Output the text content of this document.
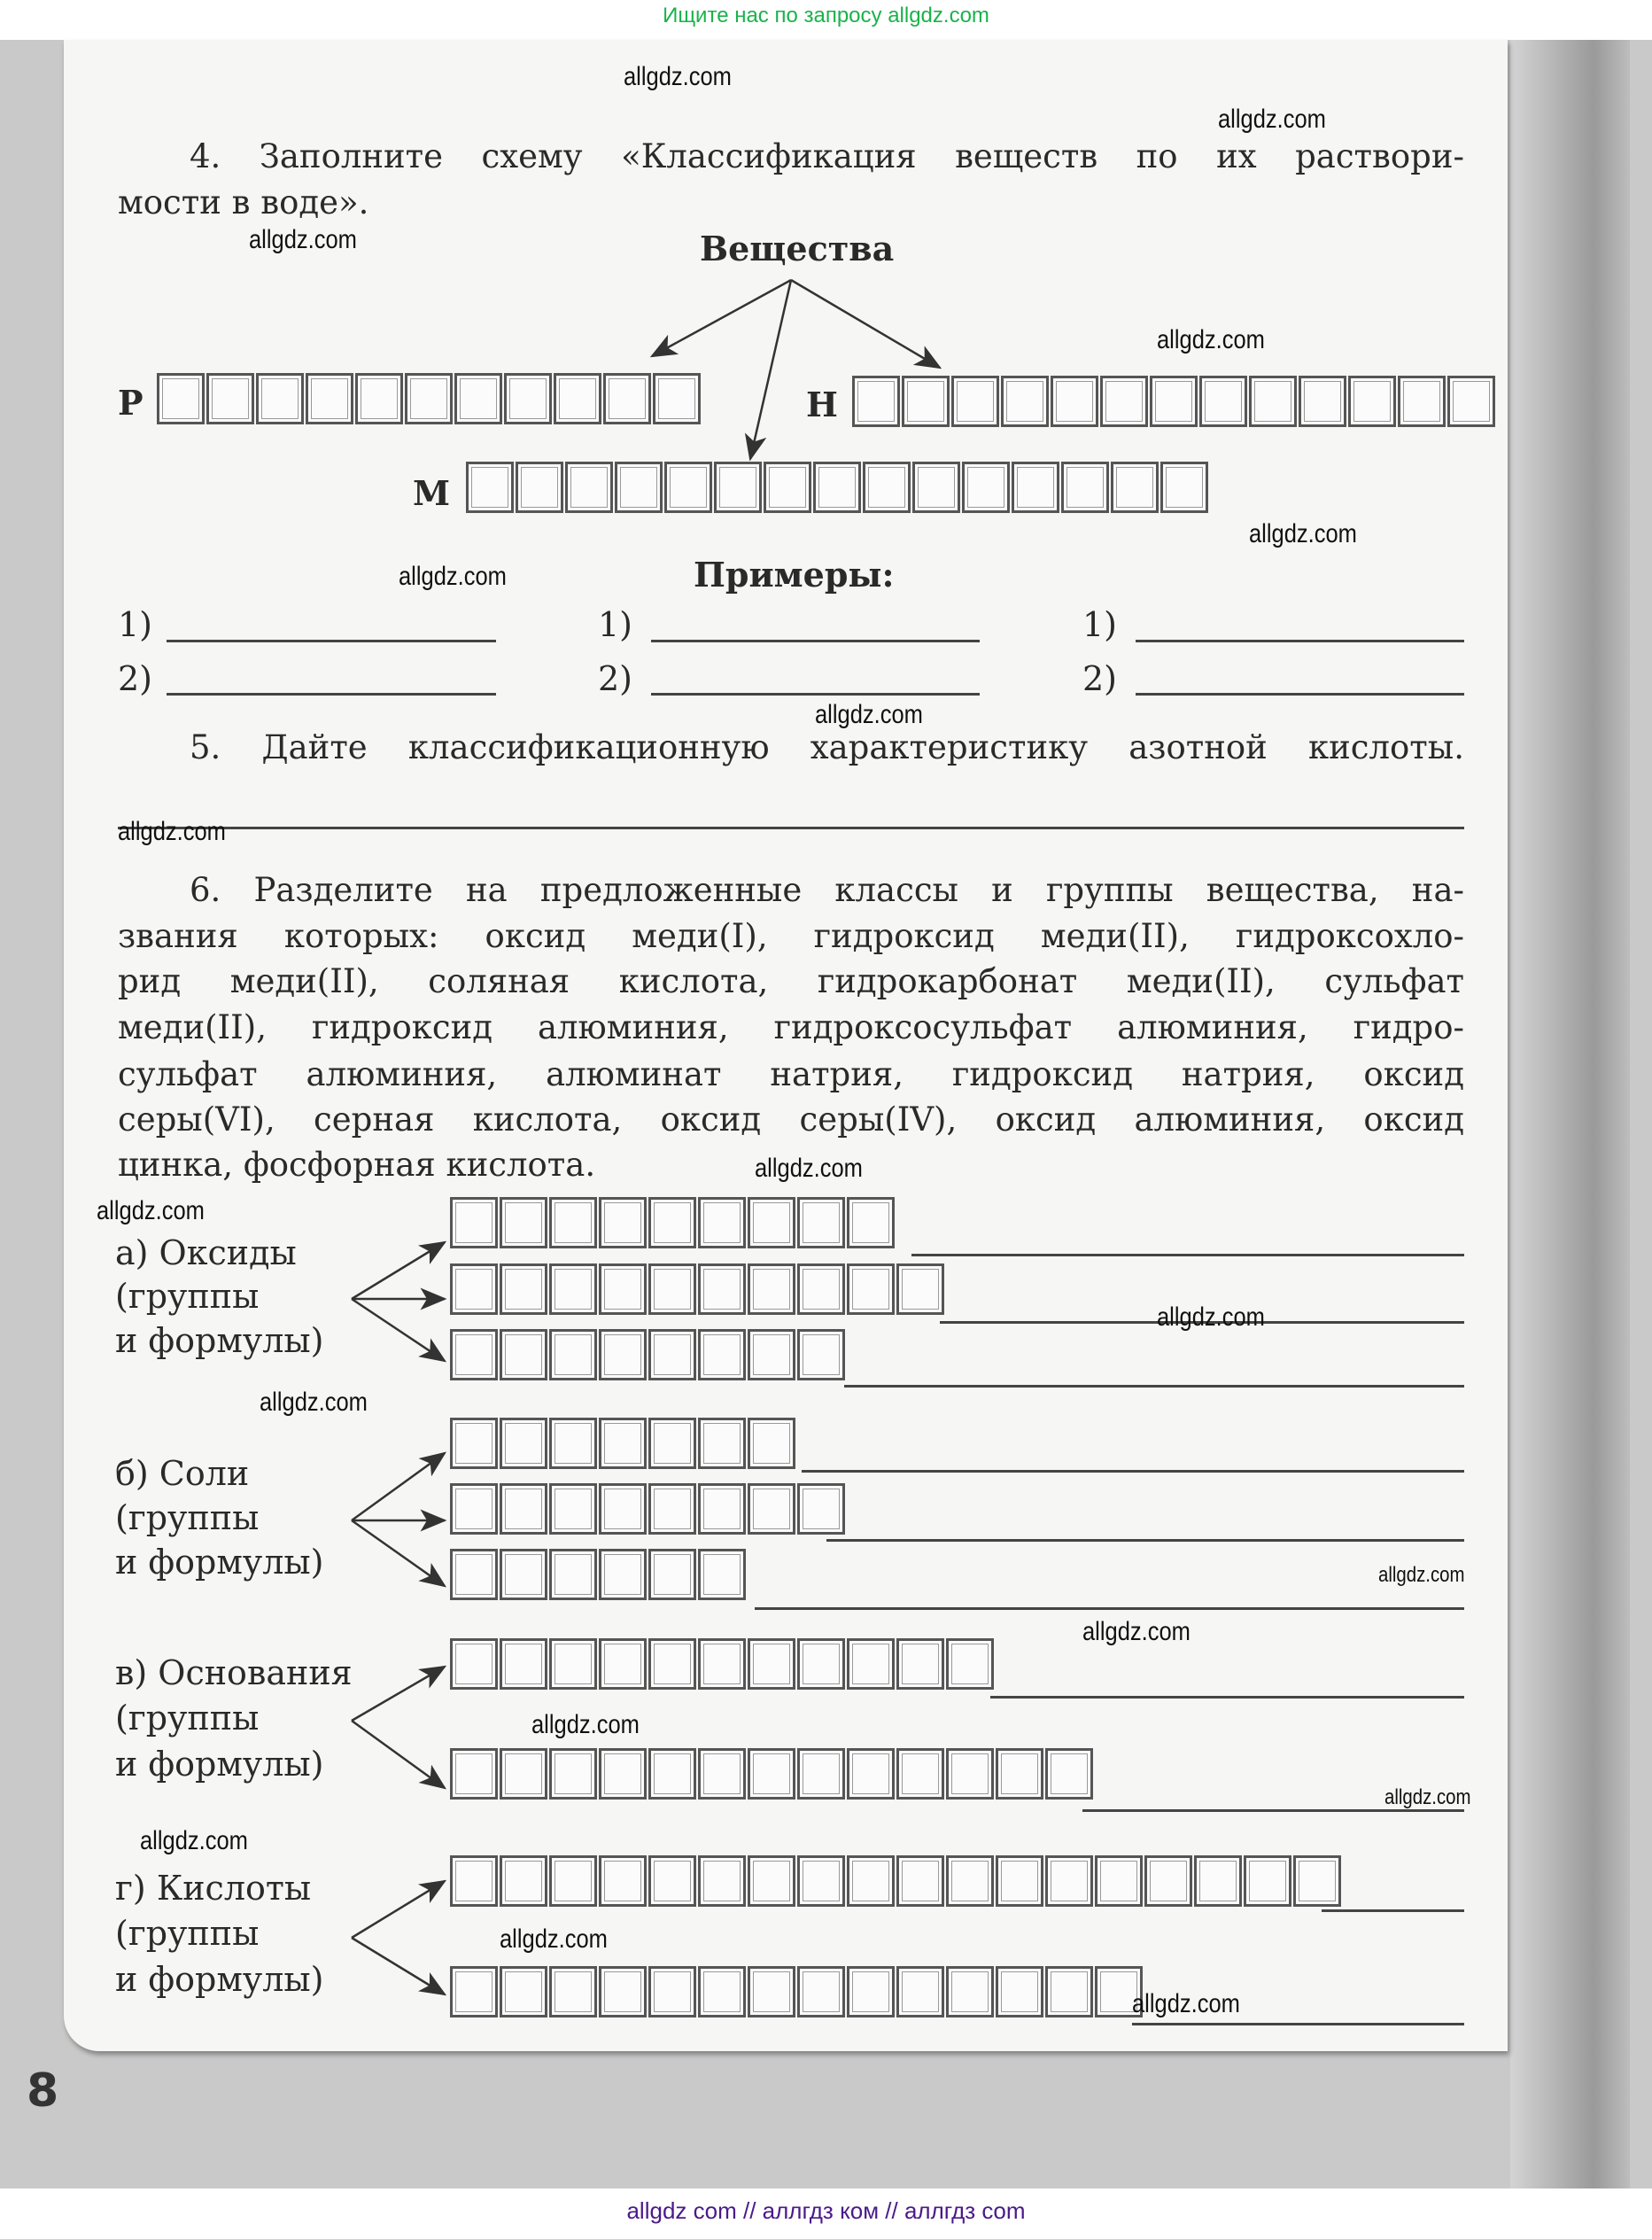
Ищите нас по запросу allgdz.com
8
allgdz com // аллгдз ком // аллгдз com
4. Заполните схему «Классификация веществ по их раствори-
мости в воде».
Вещества
Р	Н
М
Примеры:
1)
2)
1)
2)
1)
2)
5. Дайте классификационную характеристику азотной кислоты.
6. Разделите на предложенные классы и группы вещества, на-
звания которых: оксид меди(I), гидроксид меди(II), гидроксохло-
рид меди(II), соляная кислота, гидрокарбонат меди(II), сульфат
меди(II), гидроксид алюминия, гидроксосульфат алюминия, гидро-
сульфат алюминия, алюминат натрия, гидроксид натрия, оксид
серы(VI), серная кислота, оксид серы(IV), оксид алюминия, оксид
цинка, фосфорная кислота.
а) Оксиды
(группы
и формулы)
б) Соли
(группы
и формулы)
в) Основания
(группы
и формулы)
г) Кислоты
(группы
и формулы)
allgdz.com
allgdz.com
allgdz.com
allgdz.com
allgdz.com
allgdz.com
allgdz.com
allgdz.com
allgdz.com
allgdz.com
allgdz.com
allgdz.com
allgdz.com
allgdz.com
allgdz.com
allgdz.com
allgdz.com
allgdz.com
allgdz.com
